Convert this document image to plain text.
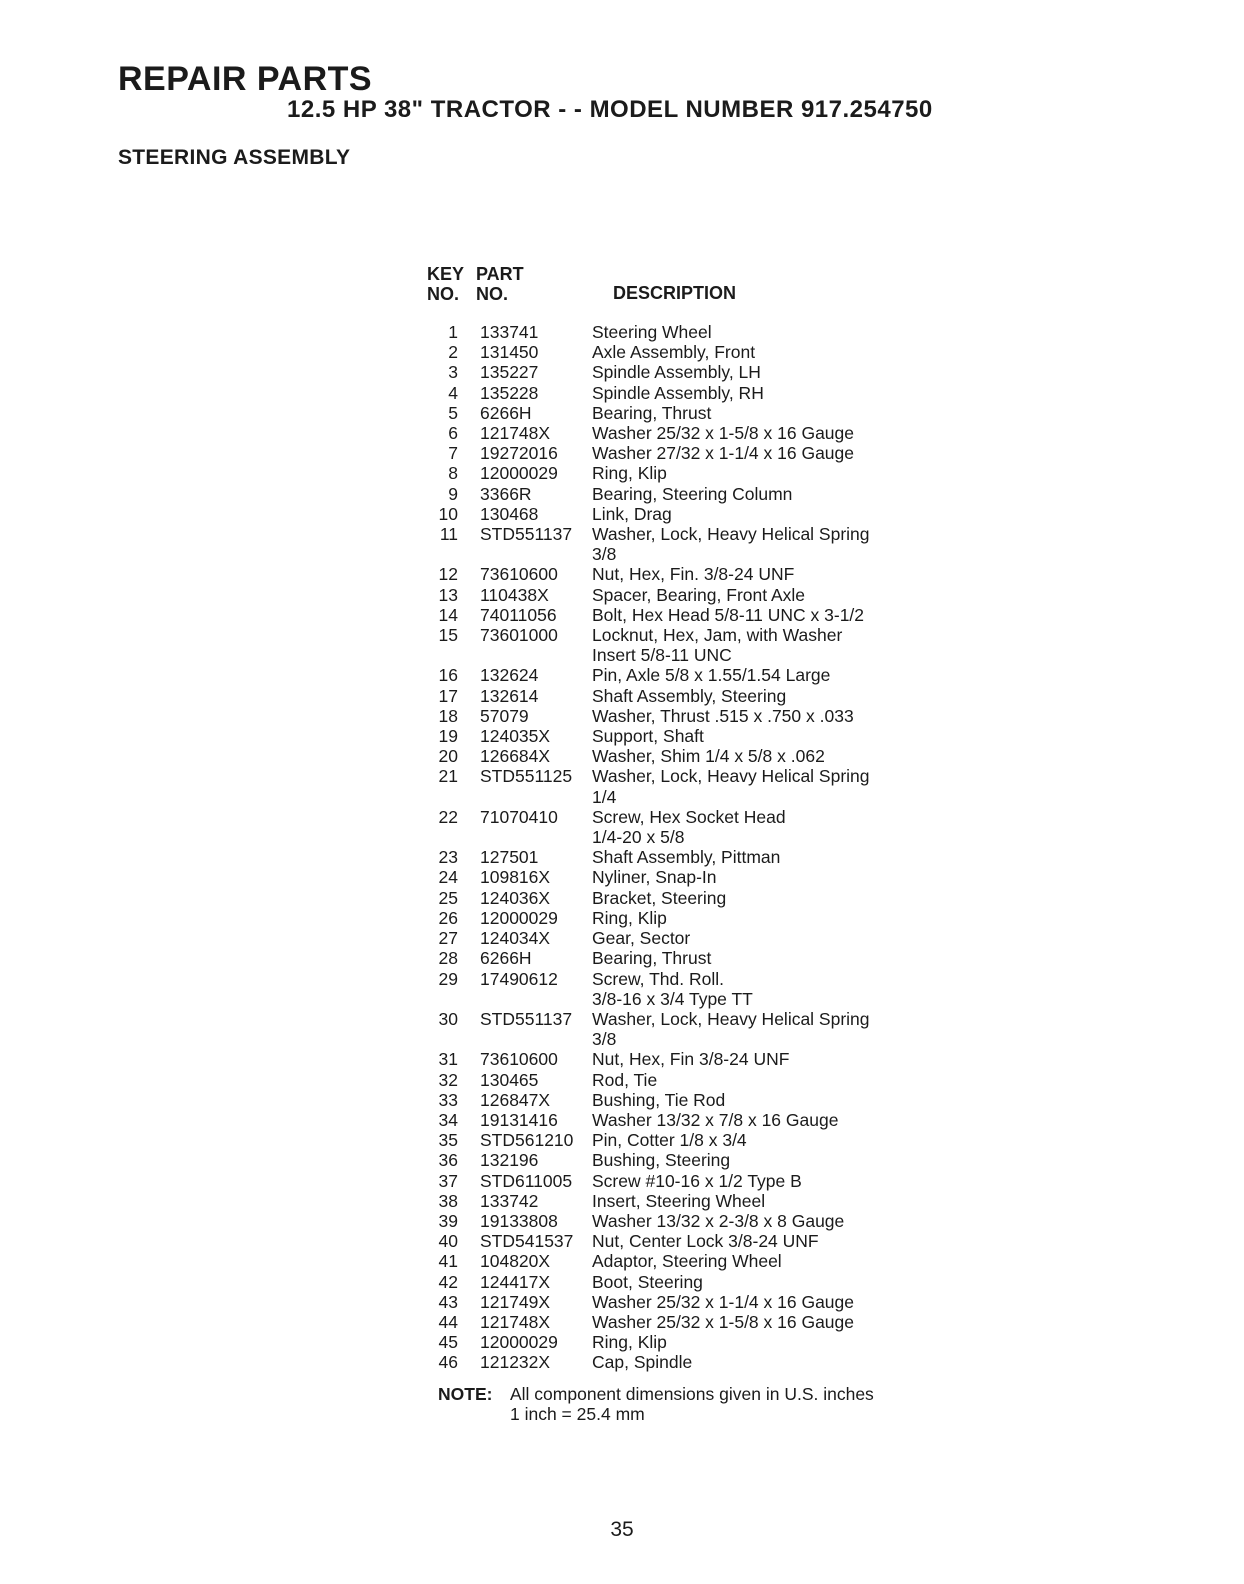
REPAIR PARTS
12.5 HP 38" TRACTOR - - MODEL NUMBER 917.254750
STEERING ASSEMBLY
KEY
NO.
PART
NO.	DESCRIPTION
1	133741	Steering Wheel
2	131450	Axle Assembly, Front
3	135227	Spindle Assembly, LH
4	135228	Spindle Assembly, RH
5	6266H	Bearing, Thrust
6	121748X	Washer 25/32 x 1-5/8 x 16 Gauge
7	19272016	Washer 27/32 x 1-1/4 x 16 Gauge
8	12000029	Ring, Klip
9	3366R	Bearing, Steering Column
10	130468	Link, Drag
11	STD551137	Washer, Lock, Heavy Helical Spring
3/8
12	73610600	Nut, Hex, Fin. 3/8-24 UNF
13	110438X	Spacer, Bearing, Front Axle
14	74011056	Bolt, Hex Head 5/8-11 UNC x 3-1/2
15	73601000	Locknut, Hex, Jam, with Washer
Insert 5/8-11 UNC
16	132624	Pin, Axle 5/8 x 1.55/1.54 Large
17	132614	Shaft Assembly, Steering
18	57079	Washer, Thrust .515 x .750 x .033
19	124035X	Support, Shaft
20	126684X	Washer, Shim 1/4 x 5/8 x .062
21	STD551125	Washer, Lock, Heavy Helical Spring
1/4
22	71070410	Screw, Hex Socket Head
1/4-20 x 5/8
23	127501	Shaft Assembly, Pittman
24	109816X	Nyliner, Snap-In
25	124036X	Bracket, Steering
26	12000029	Ring, Klip
27	124034X	Gear, Sector
28	6266H	Bearing, Thrust
29	17490612	Screw, Thd. Roll.
3/8-16 x 3/4 Type TT
30	STD551137	Washer, Lock, Heavy Helical Spring
3/8
31	73610600	Nut, Hex, Fin 3/8-24 UNF
32	130465	Rod, Tie
33	126847X	Bushing, Tie Rod
34	19131416	Washer 13/32 x 7/8 x 16 Gauge
35	STD561210	Pin, Cotter 1/8 x 3/4
36	132196	Bushing, Steering
37	STD611005	Screw #10-16 x 1/2 Type B
38	133742	Insert, Steering Wheel
39	19133808	Washer 13/32 x 2-3/8 x 8 Gauge
40	STD541537	Nut, Center Lock 3/8-24 UNF
41	104820X	Adaptor, Steering Wheel
42	124417X	Boot, Steering
43	121749X	Washer 25/32 x 1-1/4 x 16 Gauge
44	121748X	Washer 25/32 x 1-5/8 x 16 Gauge
45	12000029	Ring, Klip
46	121232X	Cap, Spindle
NOTE:	All component dimensions given in U.S. inches
1 inch = 25.4 mm
35
